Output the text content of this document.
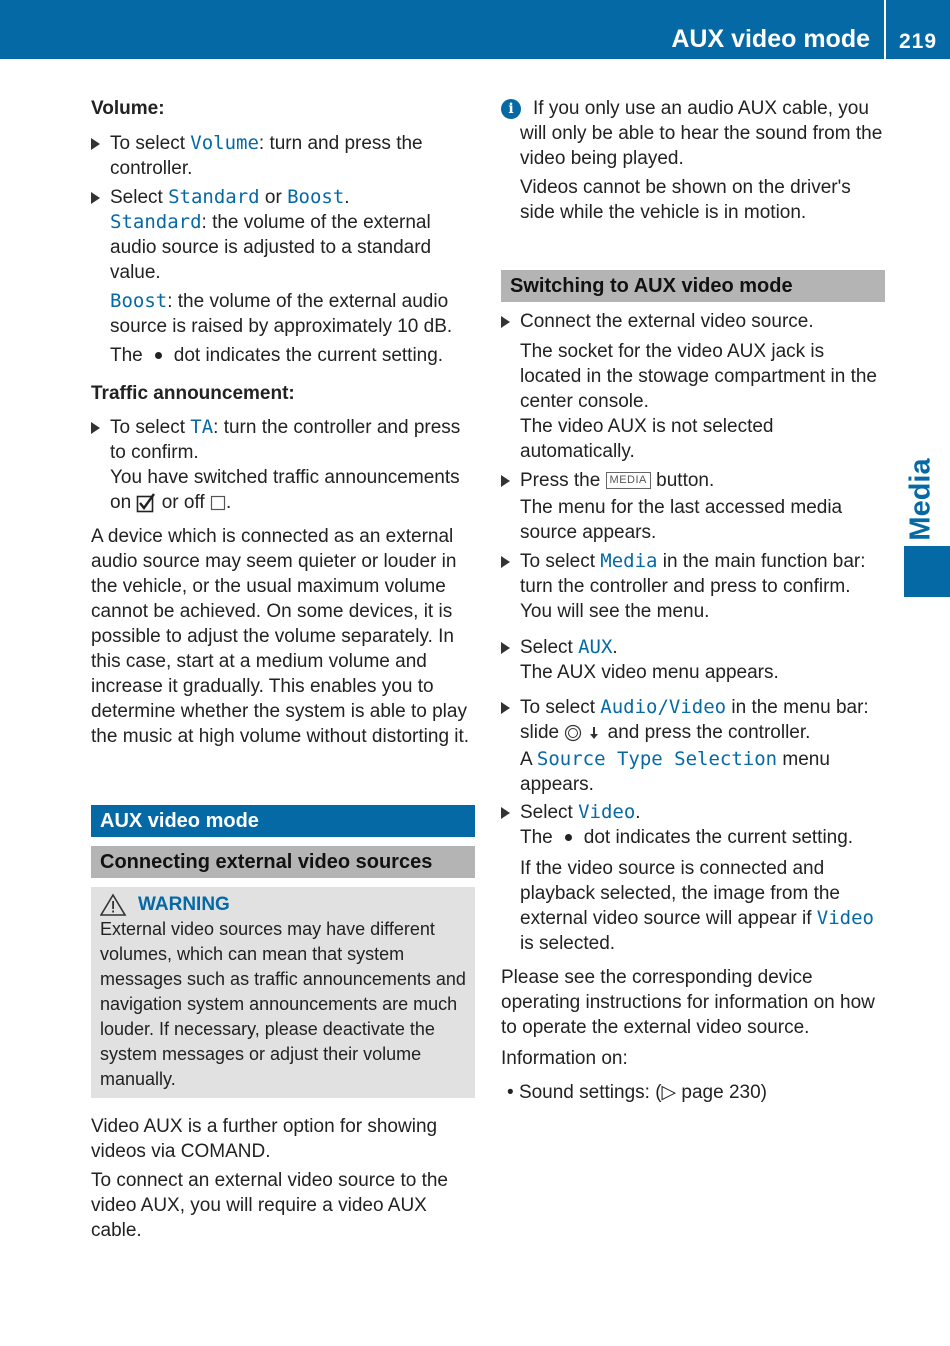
AUX video mode	219
Media

Volume:

To select Volume: turn and press the controller.

Select Standard or Boost.

Standard: the volume of the external audio source is adjusted to a standard value.

Boost: the volume of the external audio source is raised by approximately 10 dB.

The dot indicates the current setting.

Traffic announcement:

To select TA: turn the controller and press to confirm.

You have switched traffic announcements

on or off .

A device which is connected as an external audio source may seem quieter or louder in the vehicle, or the usual maximum volume cannot be achieved. On some devices, it is possible to adjust the volume separately. In this case, start at a medium volume and increase it gradually. This enables you to determine whether the system is able to play the music at high volume without distorting it.

AUX video mode
Connecting external video sources
WARNING

External video sources may have different volumes, which can mean that system messages such as traffic announcements and navigation system announcements are much louder. If necessary, please deactivate the system messages or adjust their volume manually.

Video AUX is a further option for showing videos via COMAND.

To connect an external video source to the video AUX, you will require a video AUX cable.

i	If you only use an audio AUX cable, you will only be able to hear the sound from the video being played.

Videos cannot be shown on the driver's side while the vehicle is in motion.

Switching to AUX video mode

Connect the external video source.

The socket for the video AUX jack is located in the stowage compartment in the center console.

The video AUX is not selected automatically.

Press the MEDIA button.

The menu for the last accessed media source appears.

To select Media in the main function bar: turn the controller and press to confirm.

You will see the menu.

Select AUX.

The AUX video menu appears.

To select Audio/Video in the menu bar:

slide  and press the controller.

A Source Type Selection menu appears.

Select Video.

The dot indicates the current setting.

If the video source is connected and playback selected, the image from the external video source will appear if Video is selected.

Please see the corresponding device operating instructions for information on how to operate the external video source.

Information on:

• Sound settings: (▷ page 230)
